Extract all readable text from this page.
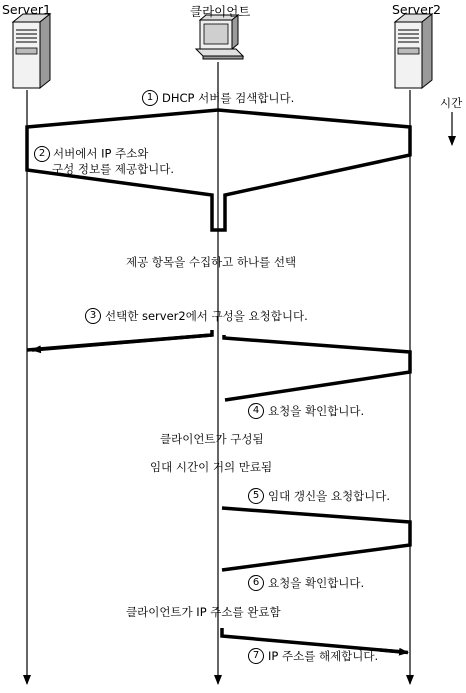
Server1	클라이언트	Server2
시간
1 DHCP 서버를 검색합니다.
2 서버에서 IP 주소와
구성 정보를 제공합니다.
제공 항목을 수집하고 하나를 선택
3 선택한 server2에서 구성을 요청합니다.
4 요청을 확인합니다.
클라이언트가 구성됨
임대 시간이 거의 만료됨
5 임대 갱신을 요청합니다.
6 요청을 확인합니다.
클라이언트가 IP 주소를 완료함
7 IP 주소를 해제합니다.
